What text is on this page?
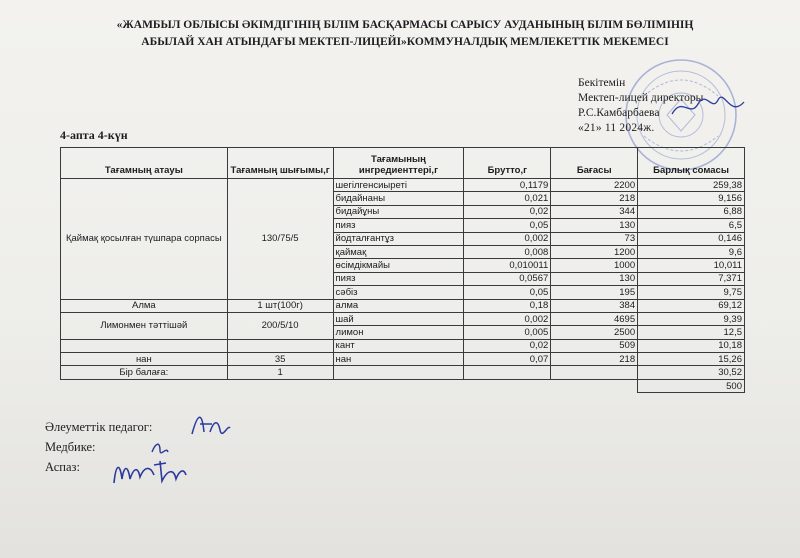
«ЖАМБЫЛ ОБЛЫСЫ ӘКІМДІГІНІҢ БІЛІМ БАСҚАРМАСЫ САРЫСУ АУДАНЫНЫҢ БІЛІМ БӨЛІМІНІҢ
АБЫЛАЙ ХАН АТЫНДАҒЫ МЕКТЕП-ЛИЦЕЙІ»КОММУНАЛДЫҚ МЕМЛЕКЕТТІК МЕКЕМЕСІ
Бекітемін
Мектеп-лицей директоры
Р.С.Камбарбаева
«21» 11 2024ж.
4-апта 4-күн
Тағамның атауы	Тағамның шығымы,г	Тағамының ингредиенттері,г	Брутто,г	Бағасы	Барлық сомасы
Қаймақ қосылған түшпара сорпасы	130/75/5	шегілгенсиыреті	0,1179	2200	259,38
		бидайнаны	0,021	218	9,156
		бидайұны	0,02	344	6,88
		пияз	0,05	130	6,5
		йодталғантұз	0,002	73	0,146
		қаймақ	0,008	1200	9,6
		өсімдікмайы	0,010011	1000	10,011
		пияз	0,0567	130	7,371
		сәбіз	0,05	195	9,75
Алма	1 шт(100г)	алма	0,18	384	69,12
Лимонмен тәттішәй	200/5/10	шай	0,002	4695	9,39
		лимон	0,005	2500	12,5
		кант	0,02	509	10,18
нан	35	нан	0,07	218	15,26
Бір балаға:	1				30,52
					500
Әлеуметтік педагог:
Медбике:
Аспаз:
